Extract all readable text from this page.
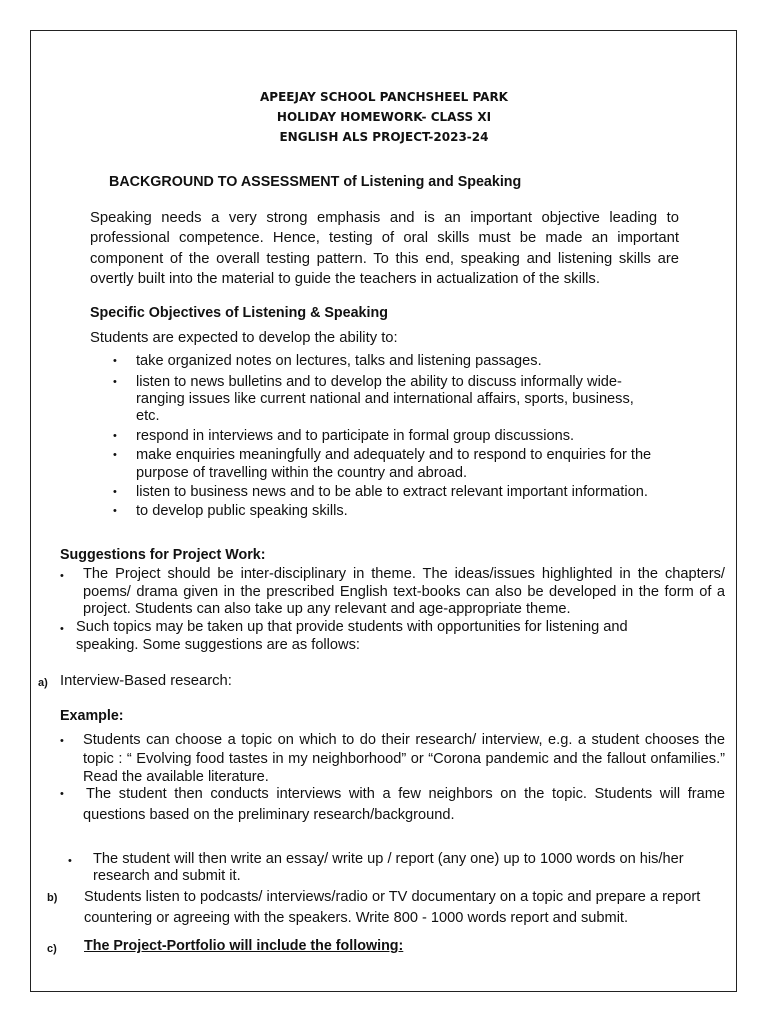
APEEJAY SCHOOL PANCHSHEEL PARK
HOLIDAY HOMEWORK- CLASS XI
ENGLISH ALS PROJECT-2023-24
BACKGROUND TO ASSESSMENT of Listening and Speaking
Speaking needs a very strong emphasis and is an important objective leading to
professional competence. Hence, testing of oral skills must be made an important
component of the overall testing pattern. To this end, speaking and listening skills are
overtly built into the material to guide the teachers in actualization of the skills.
Specific Objectives of Listening & Speaking
Students are expected to develop the ability to:
• take organized notes on lectures, talks and listening passages.
• listen to news bulletins and to develop the ability to discuss informally wide-
ranging issues like current national and international affairs, sports, business,
etc.
• respond in interviews and to participate in formal group discussions.
• make enquiries meaningfully and adequately and to respond to enquiries for the
purpose of travelling within the country and abroad.
• listen to business news and to be able to extract relevant important information.
• to develop public speaking skills.
Suggestions for Project Work:
• The Project should be inter-disciplinary in theme. The ideas/issues highlighted in the chapters/
poems/ drama given in the prescribed English text-books can also be developed in the form of a
project. Students can also take up any relevant and age-appropriate theme.
• Such topics may be taken up that provide students with opportunities for listening and
speaking. Some suggestions are as follows:
a) Interview-Based research:
Example:
• Students can choose a topic on which to do their research/ interview, e.g. a student chooses the
topic : “ Evolving food tastes in my neighborhood” or “Corona pandemic and the fallout onfamilies.”
Read the available literature.
• The student then conducts interviews with a few neighbors on the topic. Students will frame
questions based on the preliminary research/background.
• The student will then write an essay/ write up / report (any one) up to 1000 words on his/her
research and submit it.
b) Students listen to podcasts/ interviews/radio or TV documentary on a topic and prepare a report
countering or agreeing with the speakers. Write 800 - 1000 words report and submit.
c) The Project-Portfolio will include the following:
